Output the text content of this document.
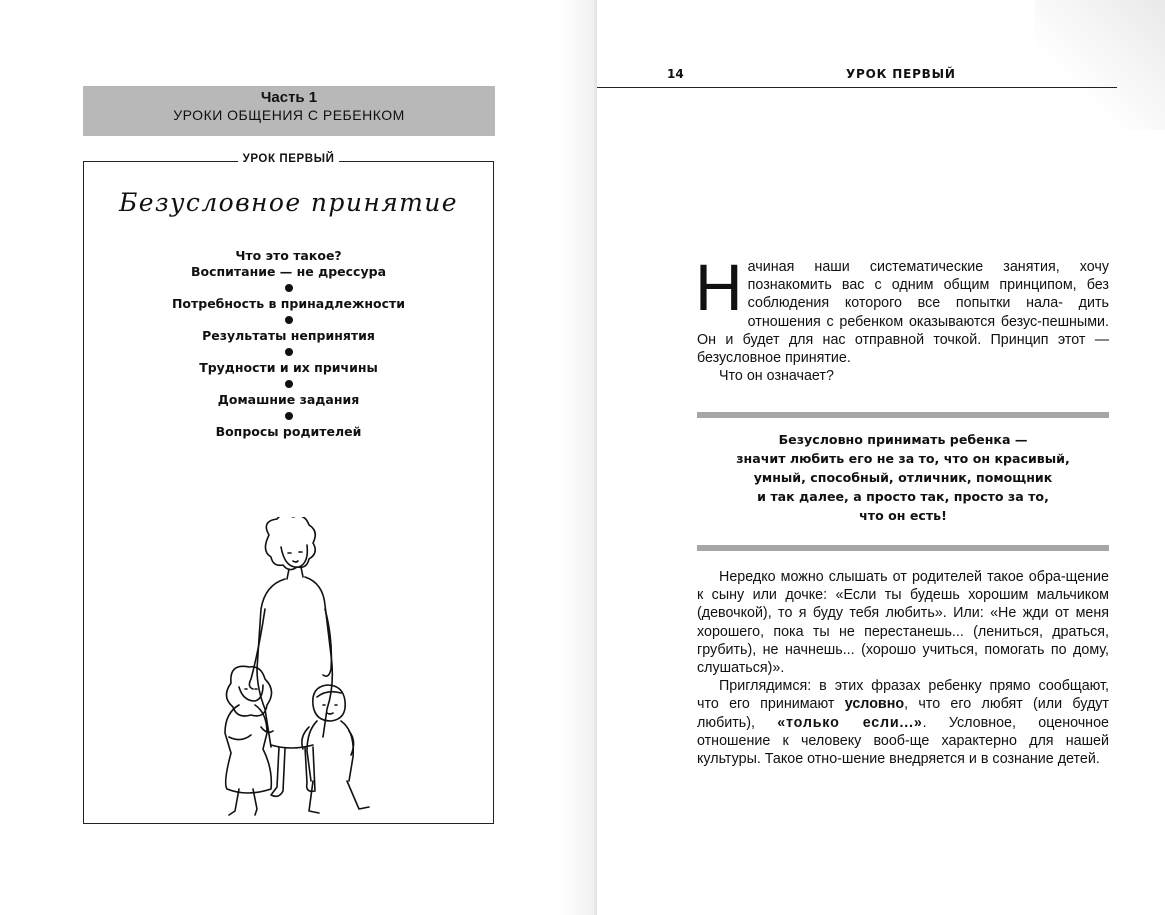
Часть 1
УРОКИ ОБЩЕНИЯ С РЕБЕНКОМ
УРОК ПЕРВЫЙ
Безусловное принятие
Что это такое?
Воспитание — не дрессура
Потребность в принадлежности
Результаты непринятия
Трудности и их причины
Домашние задания
Вопросы родителей
14	УРОК ПЕРВЫЙ
Н ачиная наши систематические занятия, хочу познакомить вас с одним общим принципом, без соблюдения которого все попытки нала- дить отношения с ребенком оказываются безус-пешными. Он и будет для нас отправной точкой. Принцип этот — безусловное принятие.

Что он означает?

Безусловно принимать ребенка —
значит любить его не за то, что он красивый,
умный, способный, отличник, помощник
и так далее, а просто так, просто за то,
что он есть!

Нередко можно слышать от родителей такое обра-щение к сыну или дочке: «Если ты будешь хорошим мальчиком (девочкой), то я буду тебя любить». Или: «Не жди от меня хорошего, пока ты не перестанешь... (лениться, драться, грубить), не начнешь... (хорошо учиться, помогать по дому, слушаться)».

Приглядимся: в этих фразах ребенку прямо сообщают, что его принимают условно, что его любят (или будут любить), «только если...». Условное, оценочное отношение к человеку вооб-ще характерно для нашей культуры. Такое отно-шение внедряется и в сознание детей.
